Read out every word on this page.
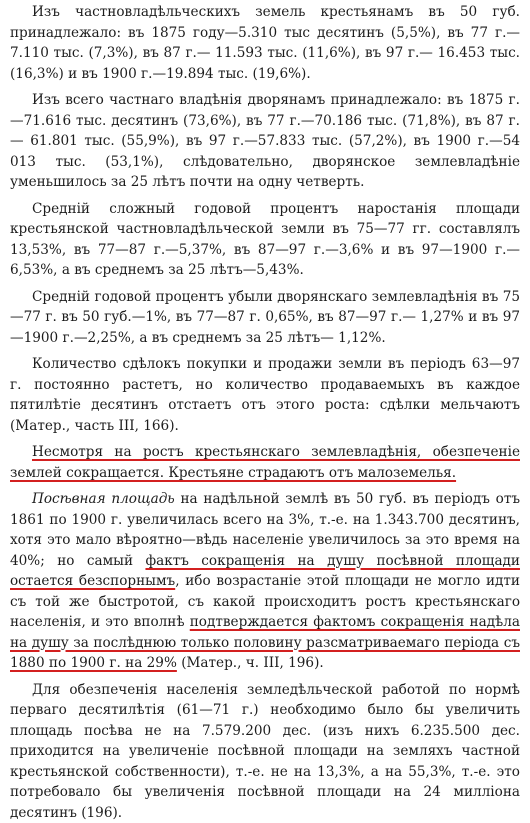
Изъ частновладѣльческихъ земель крестьянамъ въ 50 губ. принадлежало: въ 1875 году—5.310 тыс десятинъ (5,5%), въ 77 г.—7.110 тыс. (7,3%), въ 87 г.— 11.593 тыс. (11,6%), въ 97 г.— 16.453 тыс. (16,3%) и въ 1900 г.—19.894 тыс. (19,6%).

Изъ всего частнаго владѣнія дворянамъ принадлежало: въ 1875 г.—71.616 тыс. десятинъ (73,6%), въ 77 г.—70.186 тыс. (71,8%), въ 87 г.— 61.801 тыс. (55,9%), въ 97 г.—57.833 тыс. (57,2%), въ 1900 г.—54 013 тыс. (53,1%), слѣдовательно, дворянское землевладѣніе уменьшилось за 25 лѣтъ почти на одну четверть.

Средній сложный годовой процентъ наростанія площади крестьянской частновладѣльческой земли въ 75—77 гг. составлялъ 13,53%, въ 77—87 г.—5,37%, въ 87—97 г.—3,6% и въ 97—1900 г.— 6,53%, а въ среднемъ за 25 лѣтъ—5,43%.

Средній годовой процентъ убыли дворянскаго землевладѣнія въ 75—77 г. въ 50 губ.—1%, въ 77—87 г. 0,65%, въ 87—97 г.— 1,27% и въ 97—1900 г.—2,25%, а въ среднемъ за 25 лѣтъ— 1,12%.

Количество сдѣлокъ покупки и продажи земли въ періодъ 63—97 г. постоянно растетъ, но количество продаваемыхъ въ каждое пятилѣтіе десятинъ отстаетъ отъ этого роста: сдѣлки мельчаютъ (Матер., часть III, 166).

Несмотря на ростъ крестьянскаго землевладѣнія, обезпеченіе землей сокращается. Крестьяне страдаютъ отъ малоземелья.

Посѣвная площадь на надѣльной землѣ въ 50 губ. въ періодъ отъ 1861 по 1900 г. увеличилась всего на 3%, т.-е. на 1.343.700 десятинъ, хотя это мало вѣроятно—вѣдь населеніе увеличилось за это время на 40%; но самый фактъ сокращенія на душу посѣвной площади остается безспорнымъ, ибо возрастаніе этой площади не могло идти съ той же быстротой, съ какой происходитъ ростъ крестьянскаго населенія, и это вполнѣ подтверждается фактомъ сокращенія надѣла на душу за послѣднюю только половину разсматриваемаго періода съ 1880 по 1900 г. на 29% (Матер., ч. III, 196).

Для обезпеченія населенія земледѣльческой работой по нормѣ перваго десятилѣтія (61—71 г.) необходимо было бы увеличить площадь посѣва не на 7.579.200 дес. (изъ нихъ 6.235.500 дес. приходится на увеличеніе посѣвной площади на земляхъ частной крестьянской собственности), т.-е. не на 13,3%, а на 55,3%, т.-е. это потребовало бы увеличенія посѣвной площади на 24 милліона десятинъ (196).
